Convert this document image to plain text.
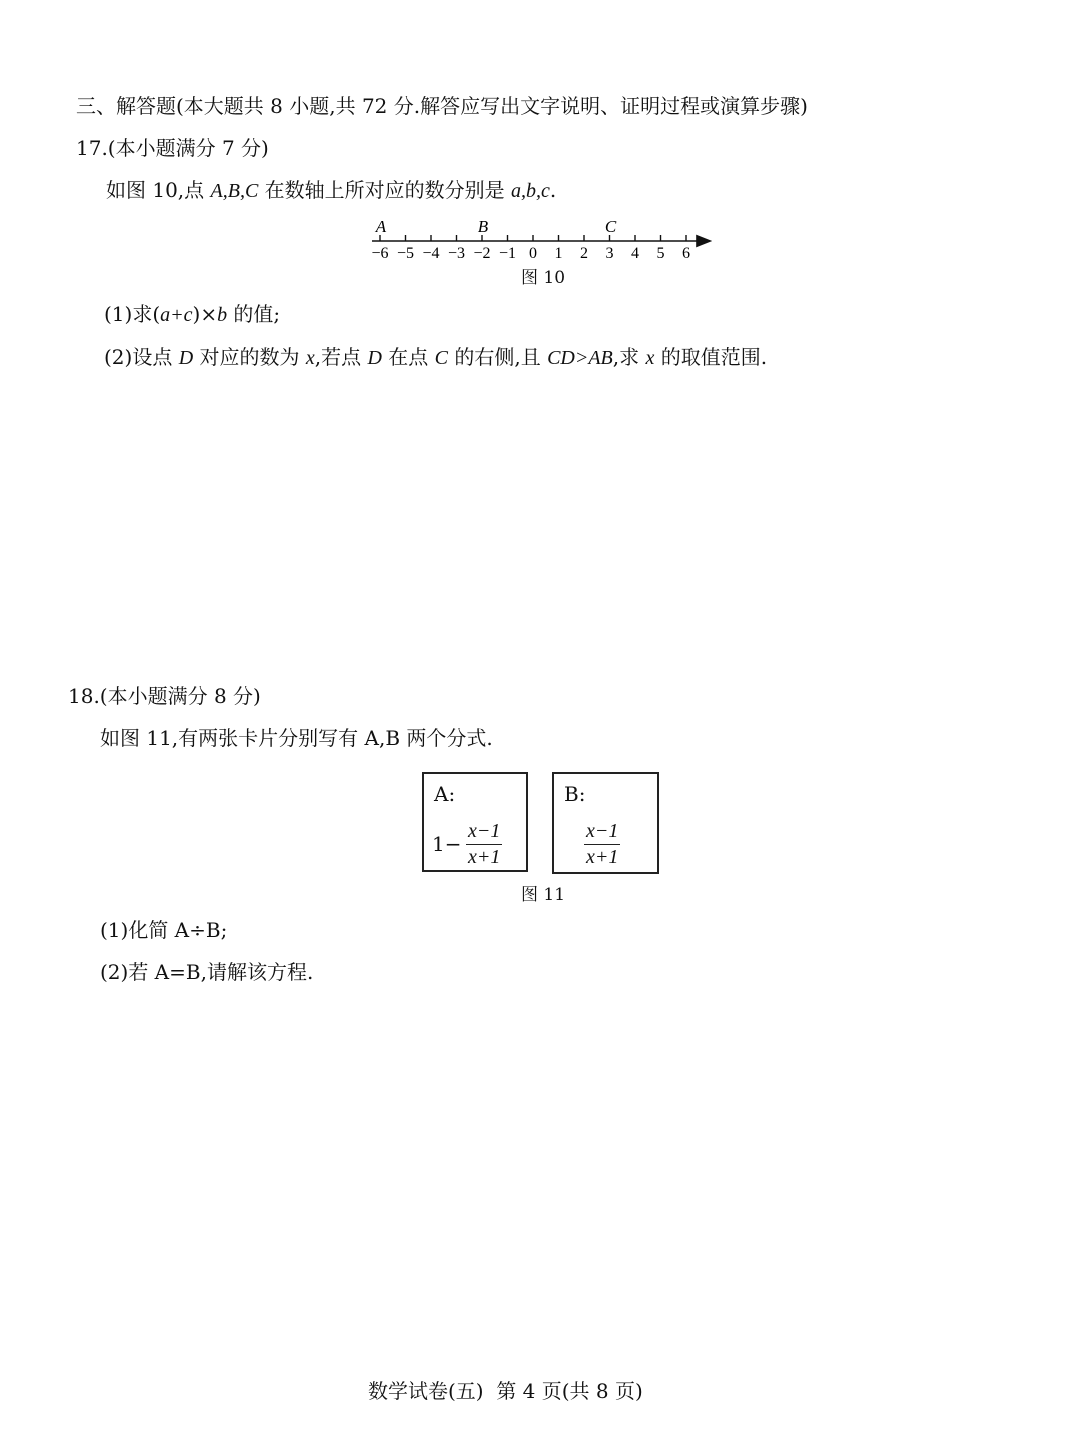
三、解答题(本大题共 8 小题,共 72 分.解答应写出文字说明、证明过程或演算步骤)
17.(本小题满分 7 分)
如图 10,点 A,B,C 在数轴上所对应的数分别是 a,b,c.
−6 −5 −4 −3 −2 −1 0 1 2 3 4 5 6
A	B	C
图 10
(1)求(a+c)×b 的值;
(2)设点 D 对应的数为 x,若点 D 在点 C 的右侧,且 CD>AB,求 x 的取值范围.
18.(本小题满分 8 分)
如图 11,有两张卡片分别写有 A,B 两个分式.
A:
$1- \frac{x-1}{x+1}$
B:
$\frac{x-1}{x+1}$
图 11
(1)化简 A÷B;
(2)若 A=B,请解该方程.
数学试卷(五)  第 4 页(共 8 页)
